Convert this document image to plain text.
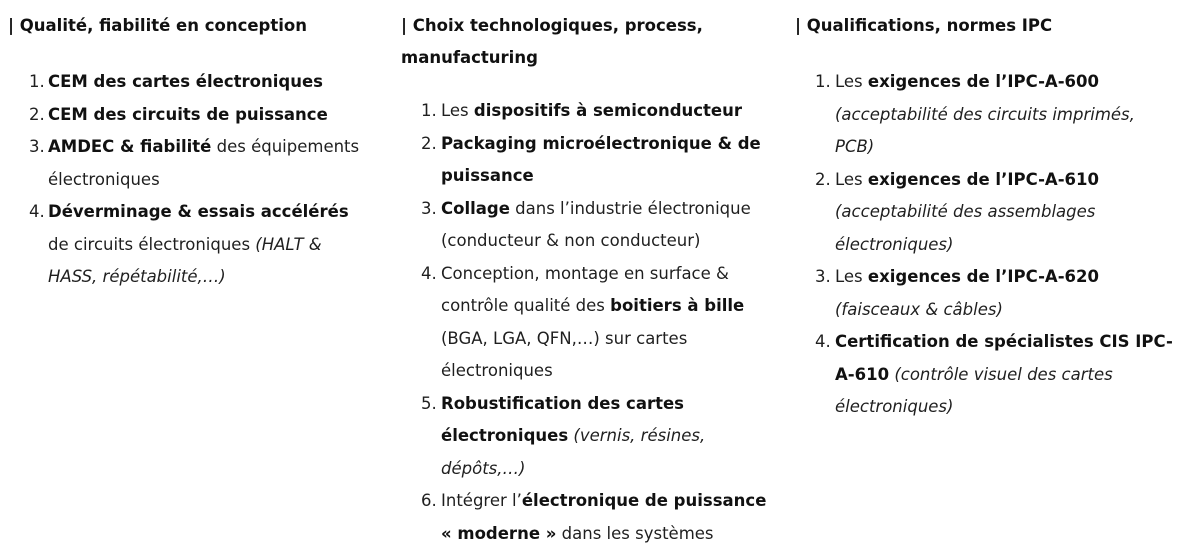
| Qualité, fiabilité en conception
1. CEM des cartes électroniques
2. CEM des circuits de puissance
3. AMDEC & fiabilité des équipements électroniques
4. Déverminage & essais accélérés de circuits électroniques (HALT & HASS, répétabilité,…)
| Choix technologiques, process, manufacturing
1. Les dispositifs à semiconducteur
2. Packaging microélectronique & de puissance
3. Collage dans l’industrie électronique (conducteur & non conducteur)
4. Conception, montage en surface & contrôle qualité des boitiers à bille (BGA, LGA, QFN,…) sur cartes électroniques
5. Robustification des cartes électroniques (vernis, résines, dépôts,…)
6. Intégrer l’électronique de puissance « moderne » dans les systèmes
| Qualifications, normes IPC
1. Les exigences de l’IPC-A-600 (acceptabilité des circuits imprimés, PCB)
2. Les exigences de l’IPC-A-610 (acceptabilité des assemblages électroniques)
3. Les exigences de l’IPC-A-620 (faisceaux & câbles)
4. Certification de spécialistes CIS IPC-A-610 (contrôle visuel des cartes électroniques)
